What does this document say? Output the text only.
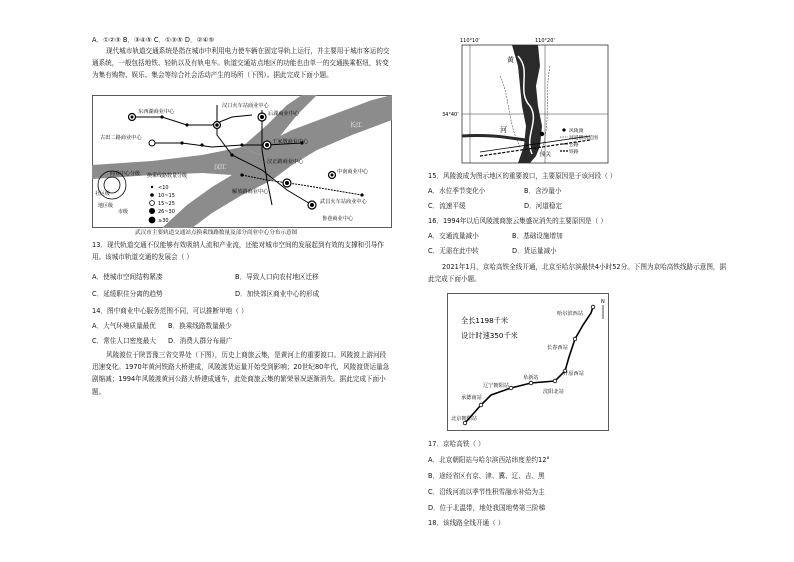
A．①②③ B．③④⑤ C．①③⑤ D．②④⑤
现代城市轨道交通系统是指在城市中利用电力使车辆在固定导轨上运行，并主要用于城市客运的交通系统，一般包括地铁、轻轨以及有轨电车。轨道交通站点地区的功能也由单一的交通换乘枢纽，转变为集有购物、娱乐、集会等综合社会活动产生的场所（下图）。据此完成下面小题。
长江
汉江
东西湖商业中心
汉口火车站商业中心
后湖商业中心
古田二路商业中心
王家墩商业中心
汉正路商业中心
中南商业中心
解放路商业中心
武昌火车站商业中心
鲁巷商业中心
商业中心分级
社区级
地区级
市级
换乘线路数量分级
<10
10~15
15~25
26~30
≥30
武汉市主要轨道交通站点换乘线路数量及部分商业中心分布示意图
13．现代轨道交通不仅能够有效吸纳人流和产业流，还能对城市空间的发展起到有效的支撑和引导作用。该城市轨道交通的发展会（ ）
A．使城市空间结构紧凑	B．导致人口向农村地区迁移
C．延缓职住分离的趋势	D．加快郊区商业中心的形成
14．图中商业中心服务范围不同，可以推断甲地（ ）
A．大气环境质量最优 B．换乘线路数量最少
C．常住人口密度最大 D．消费人群分布最广
风陵渡位于陕晋豫三省交界处（下图），历史上商旅云集，是黄河上的重要渡口。风陵渡上游河段迅速变化。1970年黄河铁路大桥建成，风陵渡货运量开始受到影响；20世纪80年代，风陵渡货运量急剧缩减；1994年风陵渡黄河公路大桥建成通车，此处商旅云集的繁荣景况逐渐消失。据此完成下面小题。
110°10'	110°20'
34°40'
黄
河
潼关
风陵渡
河道摆动范围
公路
铁路
15．风陵渡成为图示地区的重要渡口，主要原因是于该河段（ ）
A．水位季节变化小	B．含沙量小
C．流速平缓	D．河道稳定
16．1994年以后风陵渡商旅云集盛况消失的主要原因是（ ）
A．交通流量减小	B．基础设施增加
C．无需在此中转	D．货运量减小
2021年1月，京哈高铁全线开通，北京至哈尔滨最快4小时52分。下图为京哈高铁线路示意图，据此完成下面小题。
N
全长1198千米
设计时速350千米
哈尔滨西站
长春西站
开原西站
沈阳北站
阜新站
辽宁朝阳站
承德南站
北京朝阳站
17．京哈高铁（ ）
A．北京朝阳站与哈尔滨西站纬度差约12°
B．途经省区有京、津、冀、辽、吉、黑
C．沿线河流以季节性积雪融水补给为主
D．位于北温带，地处我国地势第三阶梯
18．该线路全线开通（ ）
